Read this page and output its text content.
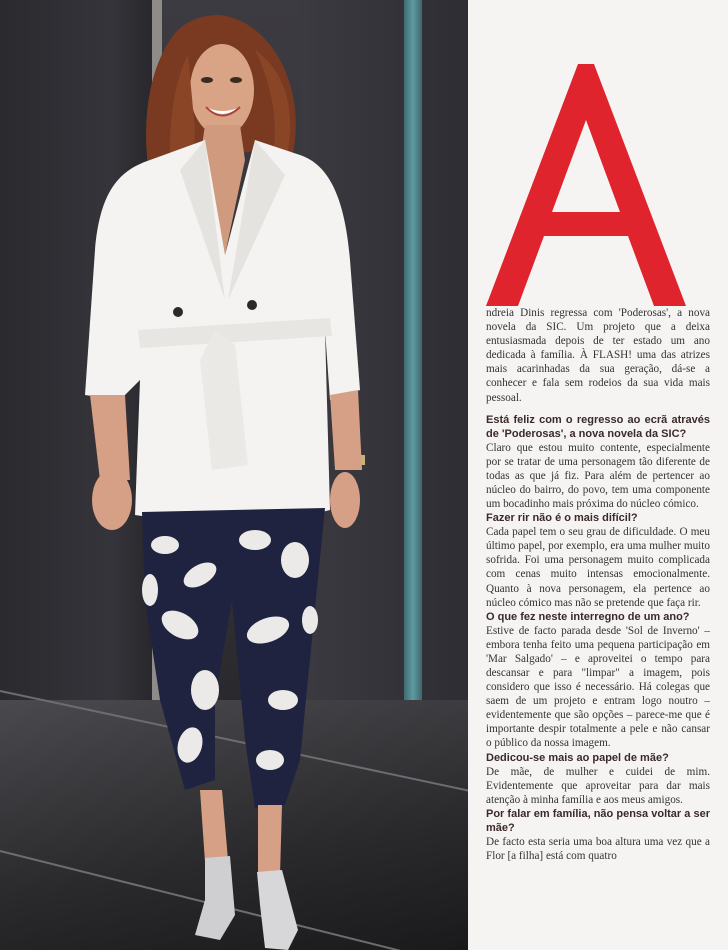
A

ndreia Dinis regressa com 'Poderosas', a nova novela da SIC. Um projeto que a deixa entusiasmada depois de ter estado um ano dedicada à família. À FLASH! uma das atrizes mais acarinhadas da sua geração, dá-se a conhecer e fala sem rodeios da sua vida mais pessoal.

Está feliz com o regresso ao ecrã através de 'Poderosas', a nova novela da SIC?

Claro que estou muito contente, especialmente por se tratar de uma personagem tão diferente de todas as que já fiz. Para além de pertencer ao núcleo do bairro, do povo, tem uma componente um bocadinho mais próxima do núcleo cómico.

Fazer rir não é o mais difícil?

Cada papel tem o seu grau de dificuldade. O meu último papel, por exemplo, era uma mulher muito sofrida. Foi uma personagem muito complicada com cenas muito intensas emocionalmente. Quanto à nova personagem, ela pertence ao núcleo cómico mas não se pretende que faça rir.

O que fez neste interregno de um ano?

Estive de facto parada desde 'Sol de Inverno' – embora tenha feito uma pequena participação em 'Mar Salgado' – e aproveitei o tempo para descansar e para "limpar" a imagem, pois considero que isso é necessário. Há colegas que saem de um projeto e entram logo noutro – evidentemente que são opções – parece-me que é importante despir totalmente a pele e não cansar o público da nossa imagem.

Dedicou-se mais ao papel de mãe?

De mãe, de mulher e cuidei de mim. Evidentemente que aproveitar para dar mais atenção à minha família e aos meus amigos.

Por falar em família, não pensa voltar a ser mãe?

De facto esta seria uma boa altura uma vez que a Flor [a filha] está com quatro
